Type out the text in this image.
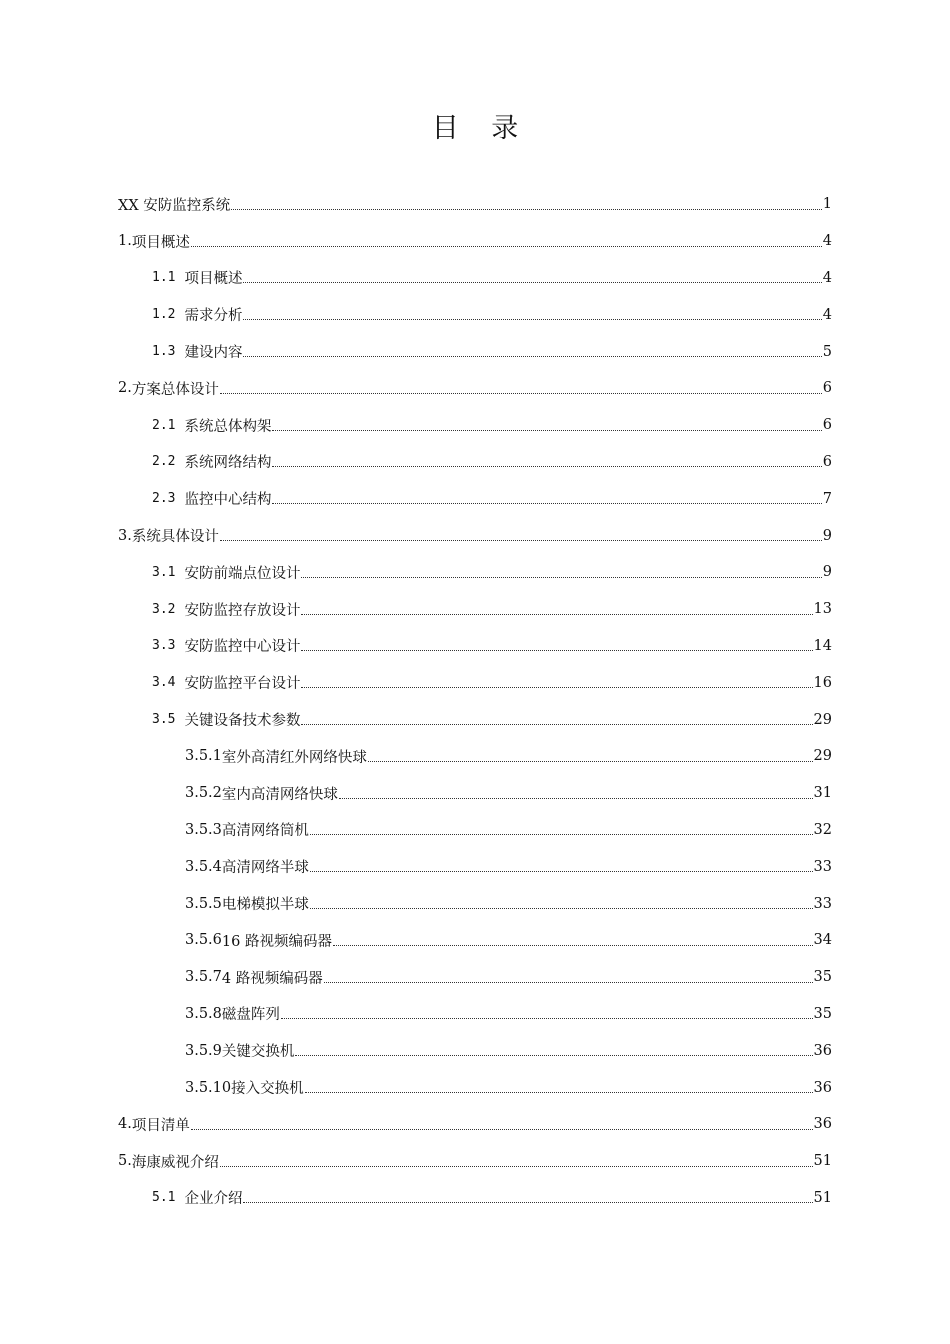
目 录
XX 安防监控系统	1
1. 项目概述	4
1.1 项目概述	4
1.2 需求分析	4
1.3 建设内容	5
2. 方案总体设计	6
2.1 系统总体构架	6
2.2 系统网络结构	6
2.3 监控中心结构	7
3. 系统具体设计	9
3.1 安防前端点位设计	9
3.2 安防监控存放设计	13
3.3 安防监控中心设计	14
3.4 安防监控平台设计	16
3.5 关键设备技术参数	29
3.5.1 室外高清红外网络快球	29
3.5.2 室内高清网络快球	31
3.5.3 高清网络筒机	32
3.5.4 高清网络半球	33
3.5.5 电梯模拟半球	33
3.5.6 16 路视频编码器	34
3.5.7 4 路视频编码器	35
3.5.8 磁盘阵列	35
3.5.9 关键交换机	36
3.5.10 接入交换机	36
4. 项目清单	36
5. 海康威视介绍	51
5.1 企业介绍	51
